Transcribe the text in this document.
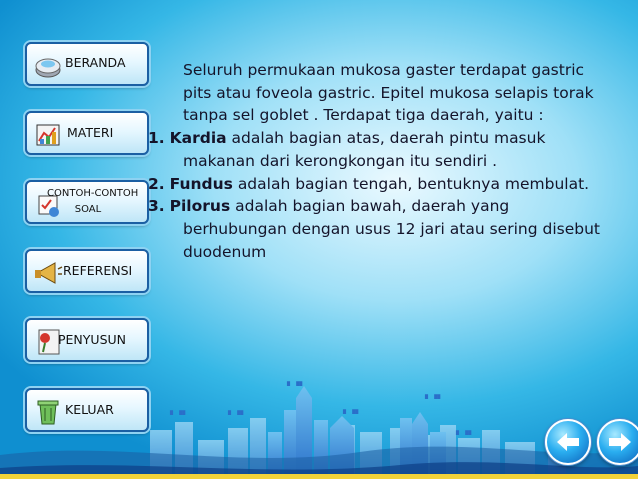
▖▗▖
▖▗▖
▖▗▖	▖▗▖
▖▗▖
▖▗▖
BERANDA
MATERI
CONTOH-CONTOH
SOAL
REFERENSI
PENYUSUN
KELUAR

Seluruh permukaan mukosa gaster terdapat gastric pits atau foveola gastric. Epitel mukosa selapis torak tanpa sel goblet . Terdapat tiga daerah, yaitu :

1. Kardia adalah bagian atas, daerah pintu masuk makanan dari kerongkongan itu sendiri .

2. Fundus adalah bagian tengah, bentuknya membulat.

3. Pilorus adalah bagian bawah, daerah yang berhubungan dengan usus 12 jari atau sering disebut duodenum
